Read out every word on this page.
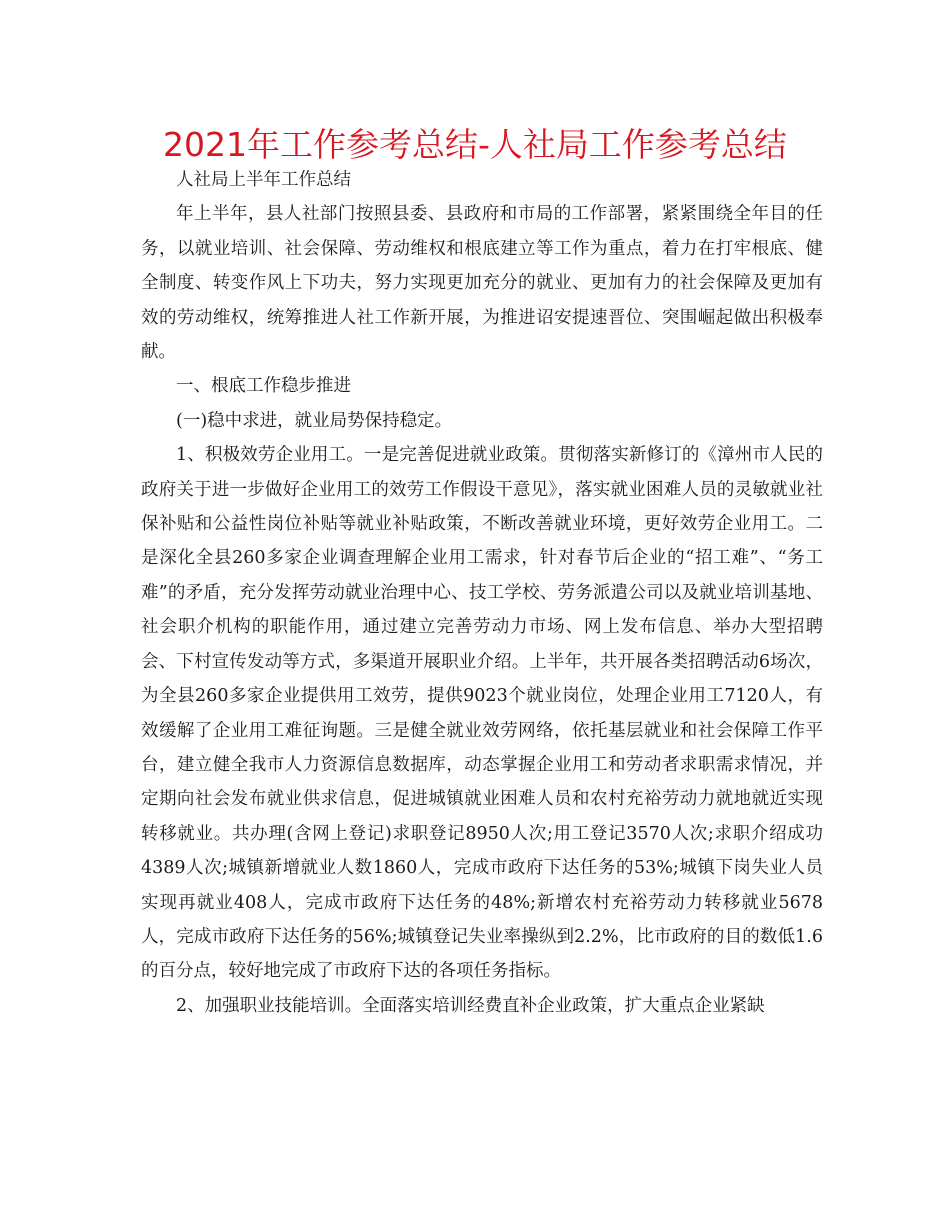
2021年工作参考总结-人社局工作参考总结

人社局上半年工作总结

年上半年，县人社部门按照县委、县政府和市局的工作部署，紧紧围绕全年目的任务，以就业培训、社会保障、劳动维权和根底建立等工作为重点，着力在打牢根底、健全制度、转变作风上下功夫，努力实现更加充分的就业、更加有力的社会保障及更加有效的劳动维权，统筹推进人社工作新开展，为推进诏安提速晋位、突围崛起做出积极奉献。

一、根底工作稳步推进

(一)稳中求进，就业局势保持稳定。

1、积极效劳企业用工。一是完善促进就业政策。贯彻落实新修订的《漳州市人民的政府关于进一步做好企业用工的效劳工作假设干意见》，落实就业困难人员的灵敏就业社保补贴和公益性岗位补贴等就业补贴政策，不断改善就业环境，更好效劳企业用工。二是深化全县260多家企业调查理解企业用工需求，针对春节后企业的“招工难”、“务工难”的矛盾，充分发挥劳动就业治理中心、技工学校、劳务派遣公司以及就业培训基地、社会职介机构的职能作用，通过建立完善劳动力市场、网上发布信息、举办大型招聘会、下村宣传发动等方式，多渠道开展职业介绍。上半年，共开展各类招聘活动6场次，为全县260多家企业提供用工效劳，提供9023个就业岗位，处理企业用工7120人，有效缓解了企业用工难征询题。三是健全就业效劳网络，依托基层就业和社会保障工作平台，建立健全我市人力资源信息数据库，动态掌握企业用工和劳动者求职需求情况，并定期向社会发布就业供求信息，促进城镇就业困难人员和农村充裕劳动力就地就近实现转移就业。共办理(含网上登记)求职登记8950人次;用工登记3570人次;求职介绍成功4389人次;城镇新增就业人数1860人，完成市政府下达任务的53%;城镇下岗失业人员实现再就业408人，完成市政府下达任务的48%;新增农村充裕劳动力转移就业5678人，完成市政府下达任务的56%;城镇登记失业率操纵到2.2%，比市政府的目的数低1.6的百分点，较好地完成了市政府下达的各项任务指标。

2、加强职业技能培训。全面落实培训经费直补企业政策，扩大重点企业紧缺
